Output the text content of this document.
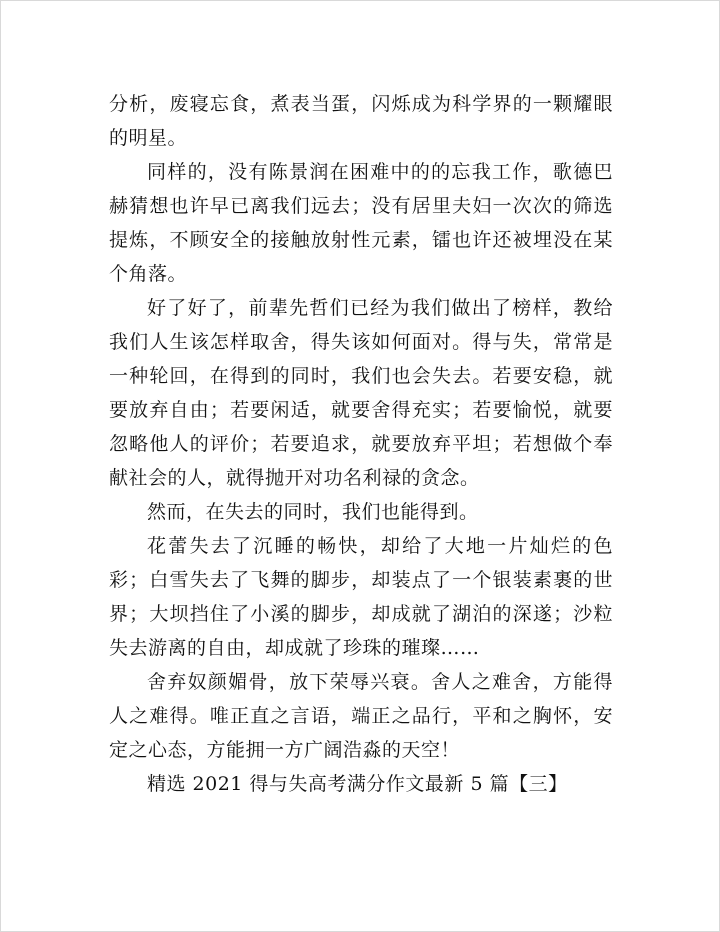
分析，废寝忘食，煮表当蛋，闪烁成为科学界的一颗耀眼的明星。

同样的，没有陈景润在困难中的的忘我工作，歌德巴赫猜想也许早已离我们远去；没有居里夫妇一次次的筛选提炼，不顾安全的接触放射性元素，镭也许还被埋没在某个角落。

好了好了，前辈先哲们已经为我们做出了榜样，教给我们人生该怎样取舍，得失该如何面对。得与失，常常是一种轮回，在得到的同时，我们也会失去。若要安稳，就要放弃自由；若要闲适，就要舍得充实；若要愉悦，就要忽略他人的评价；若要追求，就要放弃平坦；若想做个奉献社会的人，就得抛开对功名利禄的贪念。

然而，在失去的同时，我们也能得到。

花蕾失去了沉睡的畅快，却给了大地一片灿烂的色彩；白雪失去了飞舞的脚步，却装点了一个银装素裹的世界；大坝挡住了小溪的脚步，却成就了湖泊的深遂；沙粒失去游离的自由，却成就了珍珠的璀璨……

舍弃奴颜媚骨，放下荣辱兴衰。舍人之难舍，方能得人之难得。唯正直之言语，端正之品行，平和之胸怀，安定之心态，方能拥一方广阔浩淼的天空！

精选 2021 得与失高考满分作文最新 5 篇【三】
